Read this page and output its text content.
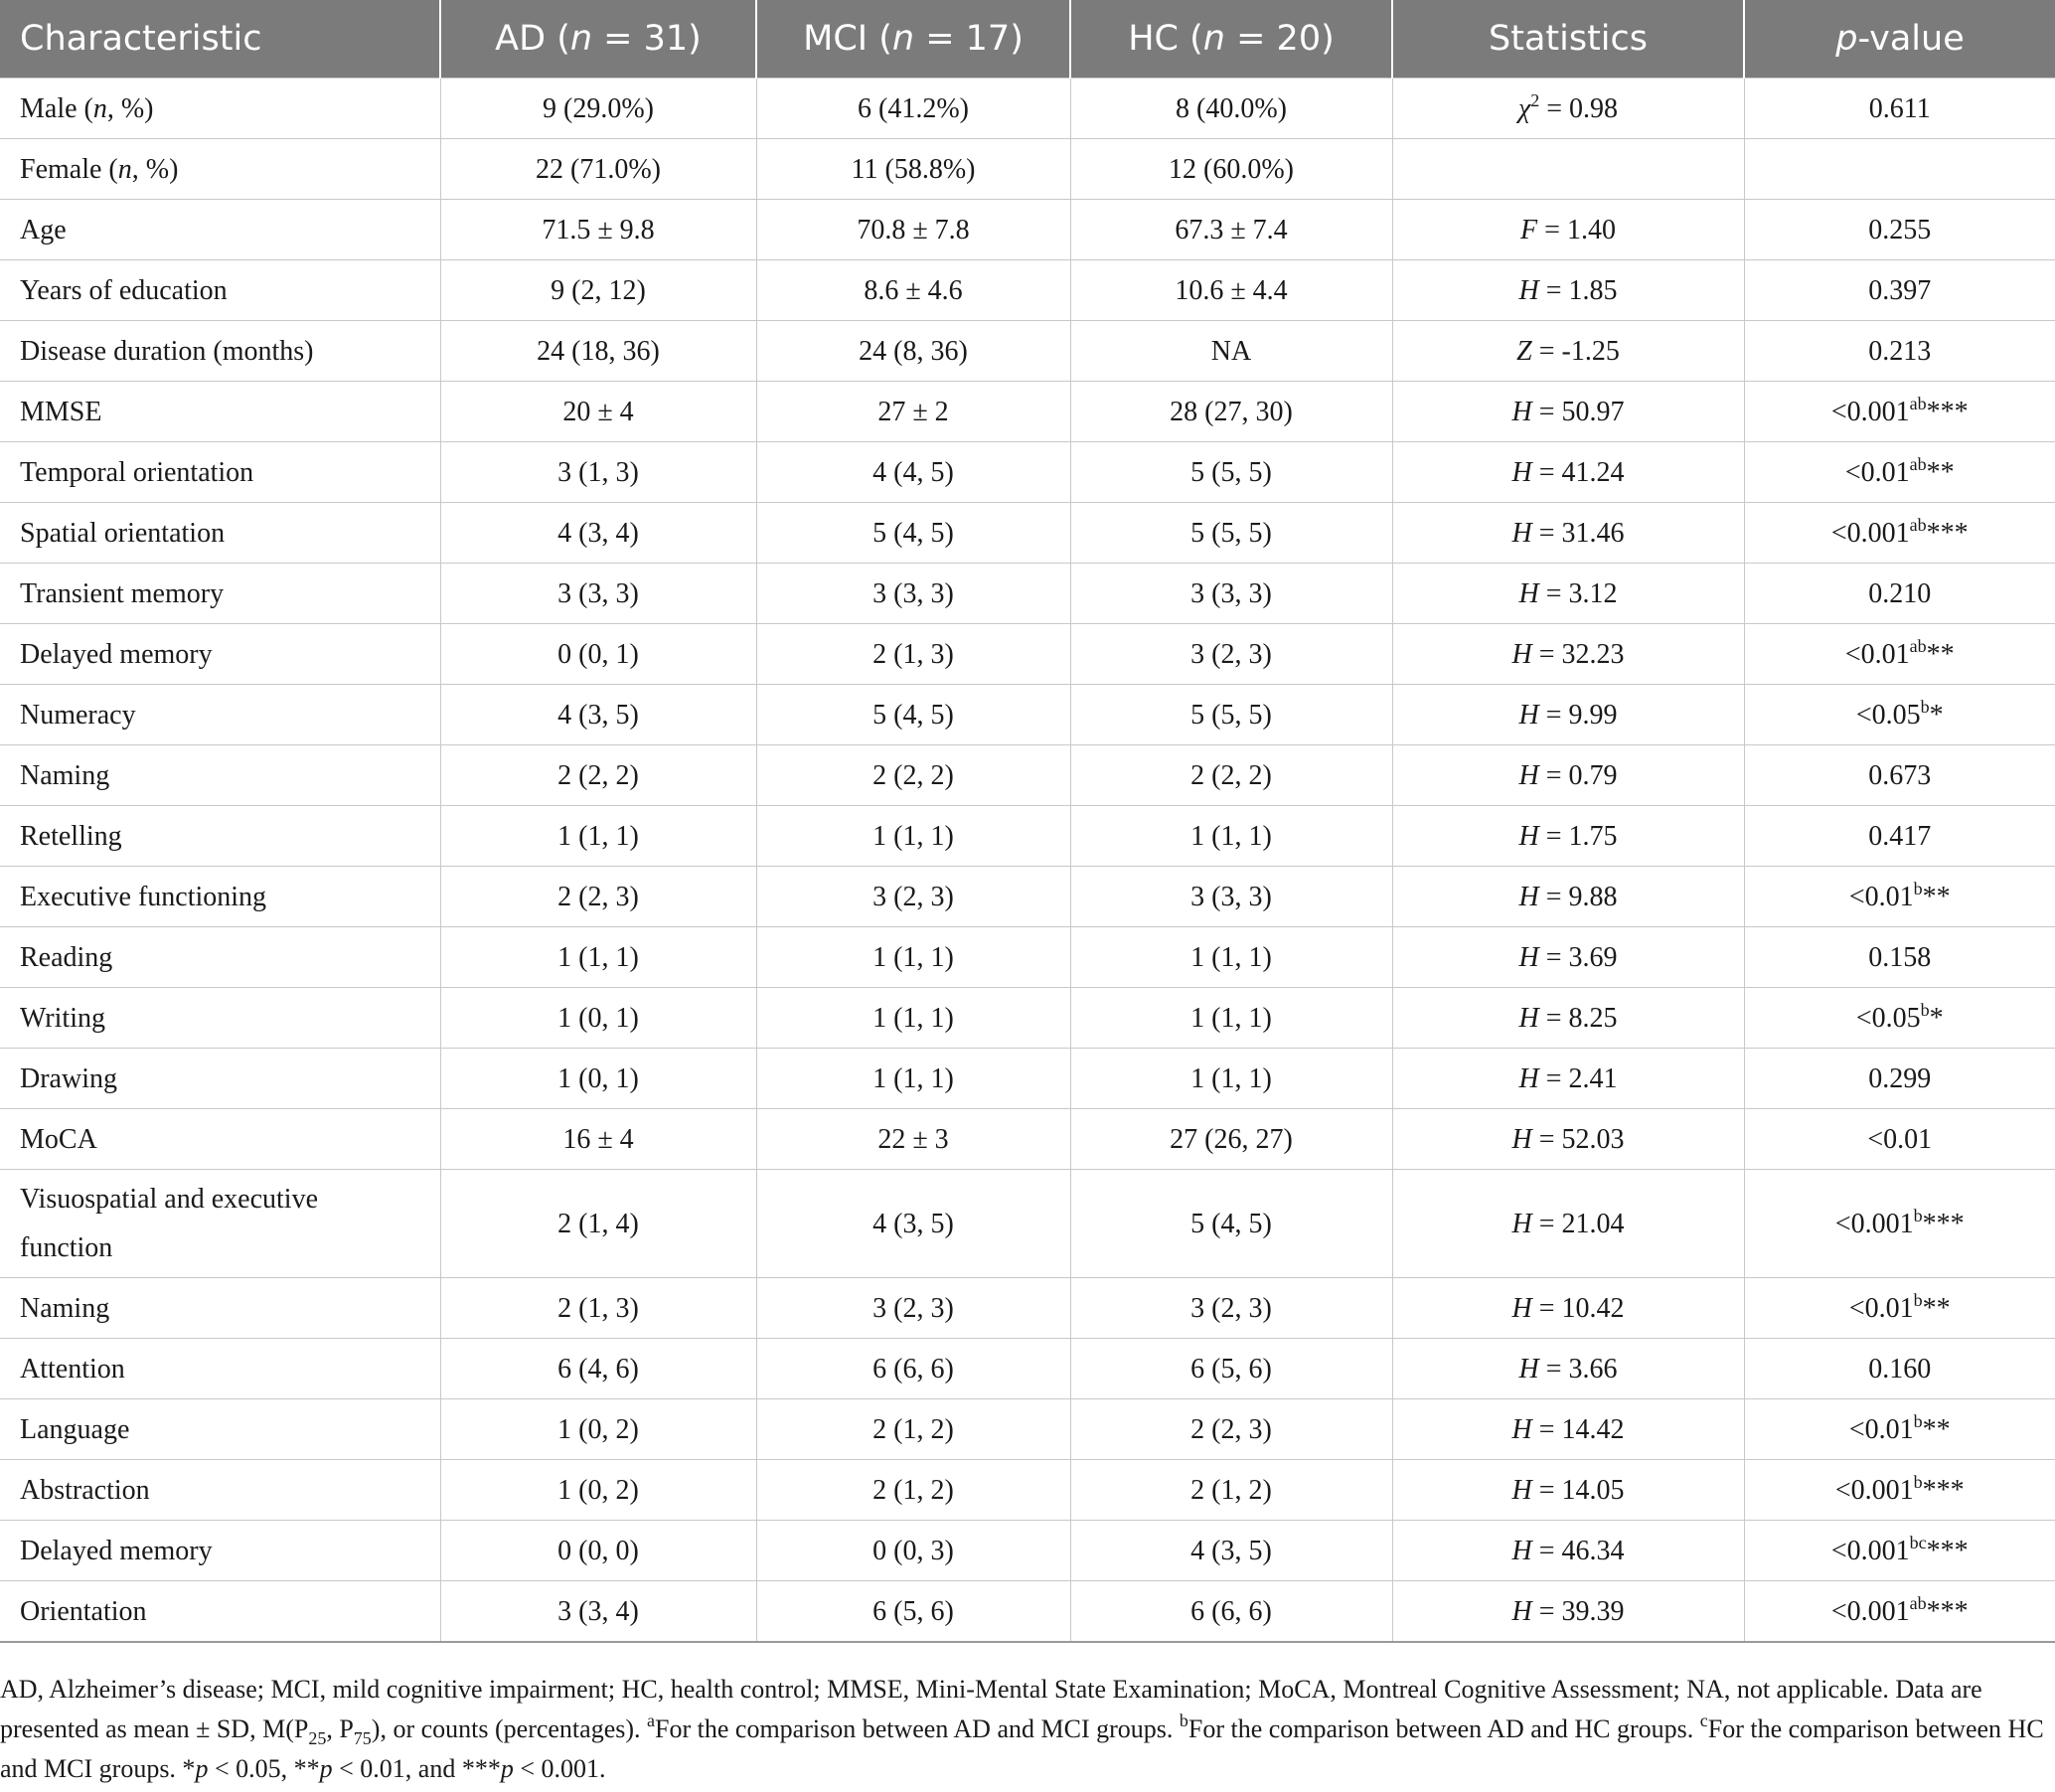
Characteristic	AD (n = 31)	MCI (n = 17)	HC (n = 20)	Statistics	p-value
Male (n, %)	9 (29.0%)	6 (41.2%)	8 (40.0%)	$\chi^2 = 0.98$	0.611
Female (n, %)	22 (71.0%)	11 (58.8%)	12 (60.0%)		
Age	71.5 ± 9.8	70.8 ± 7.8	67.3 ± 7.4	F = 1.40	0.255
Years of education	9 (2, 12)	8.6 ± 4.6	10.6 ± 4.4	H = 1.85	0.397
Disease duration (months)	24 (18, 36)	24 (8, 36)	NA	Z = -1.25	0.213
MMSE	20 ± 4	27 ± 2	28 (27, 30)	H = 50.97	<0.001$^{ab}$***
Temporal orientation	3 (1, 3)	4 (4, 5)	5 (5, 5)	H = 41.24	<0.01$^{ab}$**
Spatial orientation	4 (3, 4)	5 (4, 5)	5 (5, 5)	H = 31.46	<0.001$^{ab}$***
Transient memory	3 (3, 3)	3 (3, 3)	3 (3, 3)	H = 3.12	0.210
Delayed memory	0 (0, 1)	2 (1, 3)	3 (2, 3)	H = 32.23	<0.01$^{ab}$**
Numeracy	4 (3, 5)	5 (4, 5)	5 (5, 5)	H = 9.99	<0.05$^b$*
Naming	2 (2, 2)	2 (2, 2)	2 (2, 2)	H = 0.79	0.673
Retelling	1 (1, 1)	1 (1, 1)	1 (1, 1)	H = 1.75	0.417
Executive functioning	2 (2, 3)	3 (2, 3)	3 (3, 3)	H = 9.88	<0.01$^b$**
Reading	1 (1, 1)	1 (1, 1)	1 (1, 1)	H = 3.69	0.158
Writing	1 (0, 1)	1 (1, 1)	1 (1, 1)	H = 8.25	<0.05$^b$*
Drawing	1 (0, 1)	1 (1, 1)	1 (1, 1)	H = 2.41	0.299
MoCA	16 ± 4	22 ± 3	27 (26, 27)	H = 52.03	<0.01
Visuospatial and executive
function	2 (1, 4)	4 (3, 5)	5 (4, 5)	H = 21.04	<0.001$^b$***
Naming	2 (1, 3)	3 (2, 3)	3 (2, 3)	H = 10.42	<0.01$^b$**
Attention	6 (4, 6)	6 (6, 6)	6 (5, 6)	H = 3.66	0.160
Language	1 (0, 2)	2 (1, 2)	2 (2, 3)	H = 14.42	<0.01$^b$**
Abstraction	1 (0, 2)	2 (1, 2)	2 (1, 2)	H = 14.05	<0.001$^b$***
Delayed memory	0 (0, 0)	0 (0, 3)	4 (3, 5)	H = 46.34	<0.001$^{bc}$***
Orientation	3 (3, 4)	6 (5, 6)	6 (6, 6)	H = 39.39	<0.001$^{ab}$***
AD, Alzheimer’s disease; MCI, mild cognitive impairment; HC, health control; MMSE, Mini-Mental State Examination; MoCA, Montreal Cognitive Assessment; NA, not applicable. Data are presented as mean ± SD, $M(P_{25}$, $P_{75}$), or counts (percentages). $^a$For the comparison between AD and MCI groups. $^b$For the comparison between AD and HC groups. $^c$For the comparison between HC and MCI groups. *p < 0.05, **p < 0.01, and ***p < 0.001.
